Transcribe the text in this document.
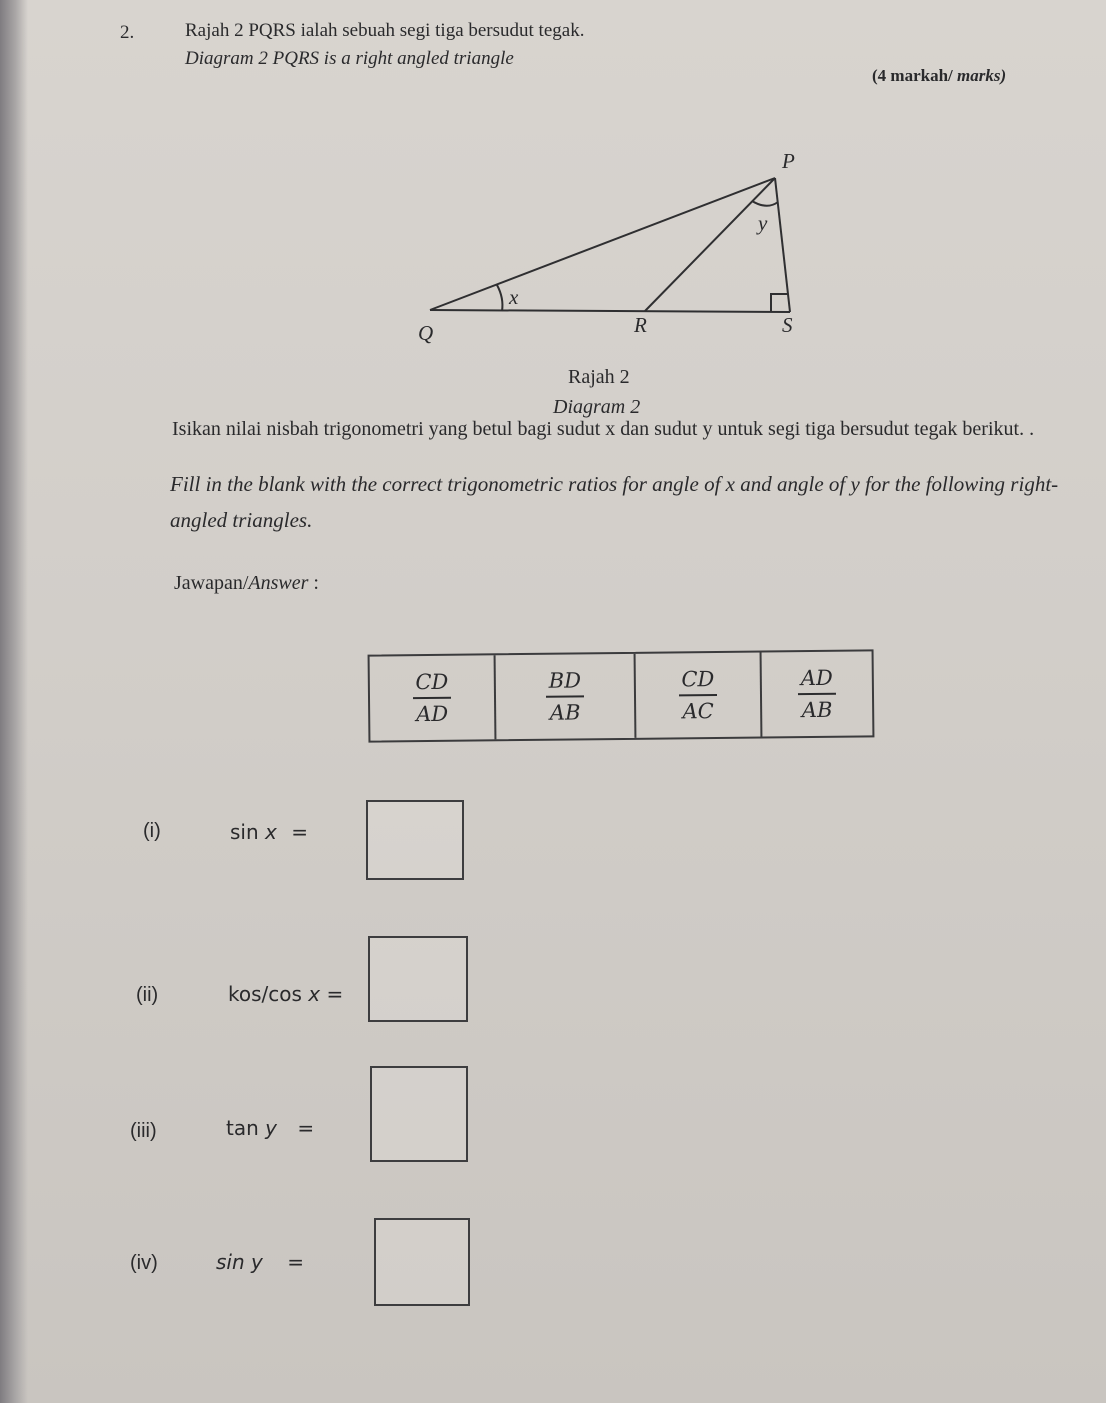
2.	Rajah 2 PQRS ialah sebuah segi tiga bersudut tegak.
Diagram 2 PQRS is a right angled triangle
(4 markah/ marks)
P
Q	R	S
x
y
Rajah 2
Diagram 2
Isikan nilai nisbah trigonometri yang betul bagi sudut x dan sudut y untuk segi tiga bersudut tegak berikut. .
Fill in the blank with the correct trigonometric ratios for angle of x and angle of y for the following right-angled triangles.
Jawapan/Answer :
$\frac{CD}{AD}$	$\frac{BD}{AB}$	$\frac{CD}{AC}$	$\frac{AD}{AB}$
(i)	sin x =
(ii)	kos/cos x =
(iii)	tan y =
(iv)	sin y =
